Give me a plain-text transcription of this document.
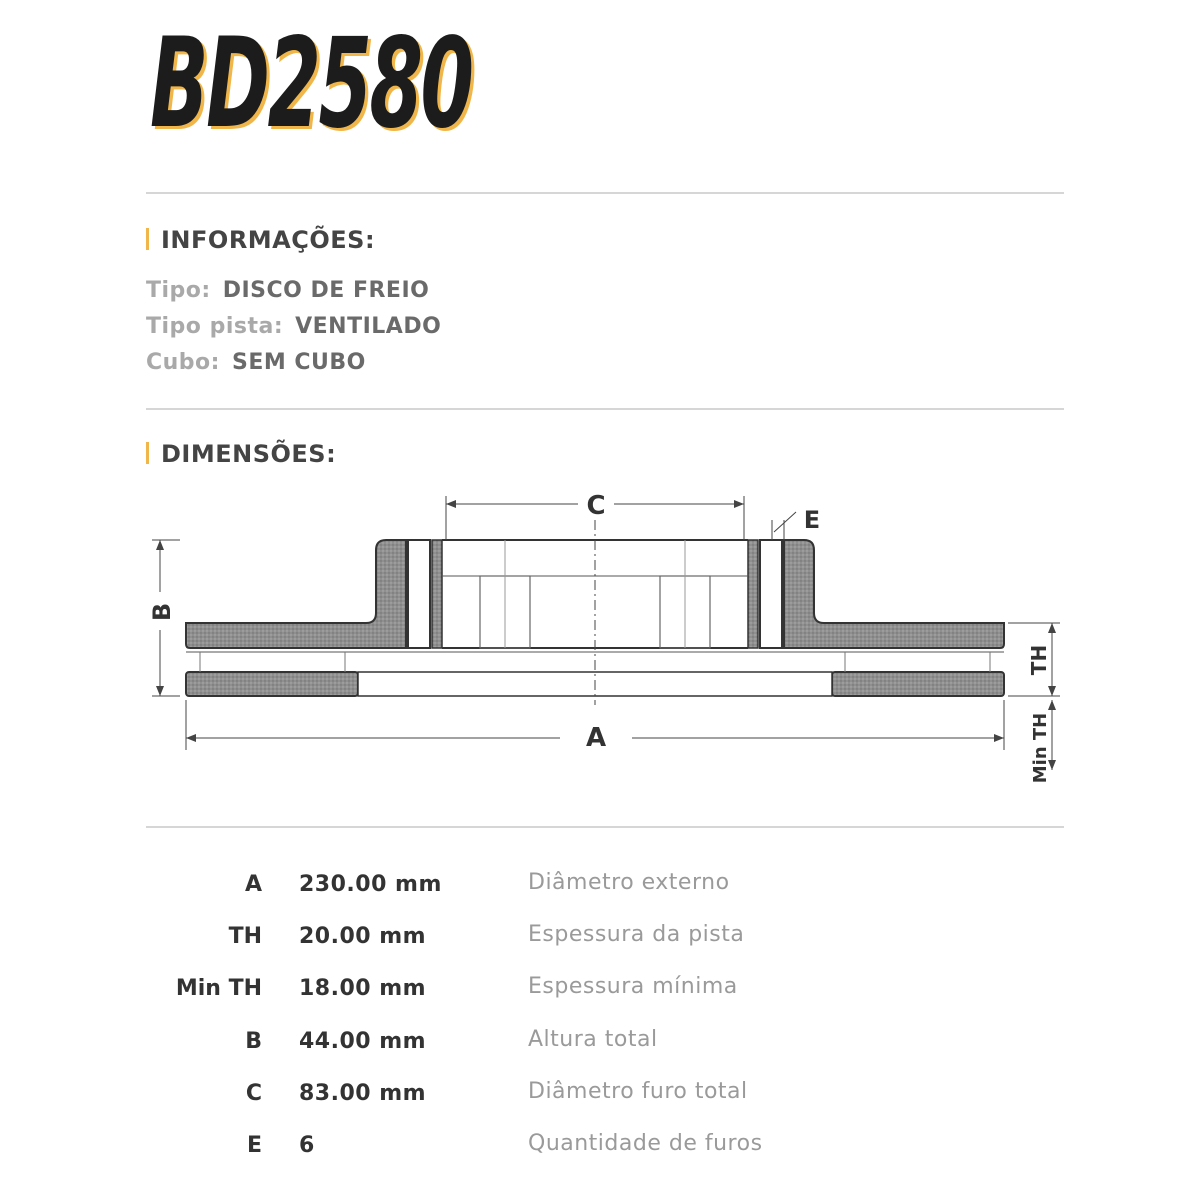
BD2580
INFORMAÇÕES:
Tipo: DISCO DE FREIO
Tipo pista: VENTILADO
Cubo: SEM CUBO
DIMENSÕES:
C	E
B
A
TH
Min TH
A 230.00 mm	Diâmetro externo
TH 20.00 mm	Espessura da pista
Min TH 18.00 mm	Espessura mínima
B 44.00 mm	Altura total
C 83.00 mm	Diâmetro furo total
E 6	Quantidade de furos
